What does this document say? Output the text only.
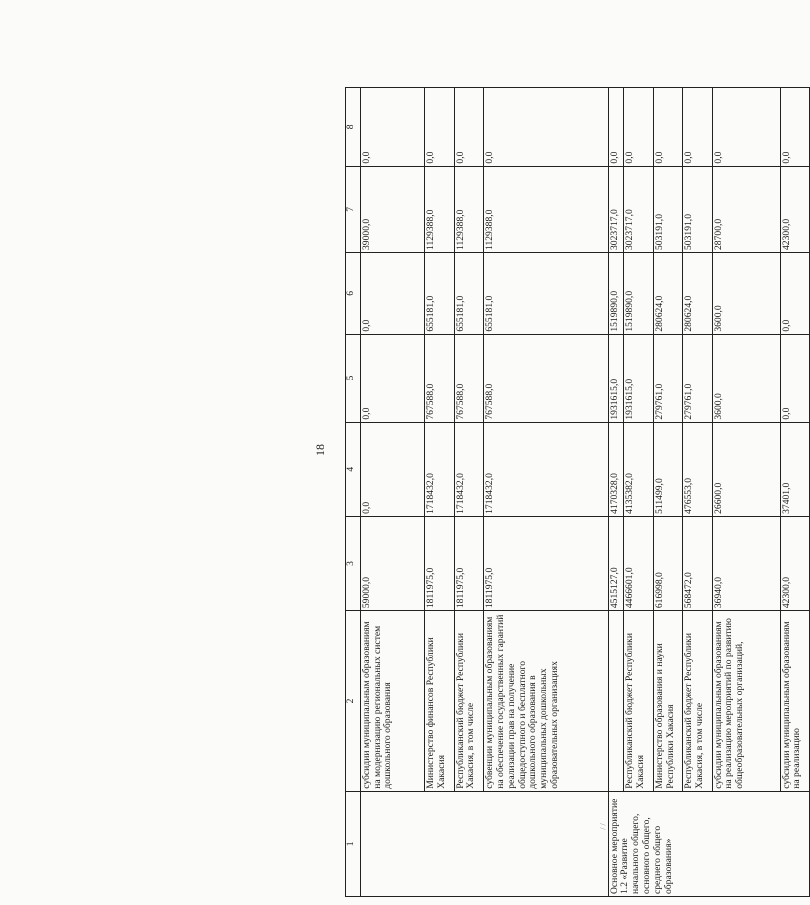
18
/ /
1	2	3	4	5	6	7	8
	субсидии муниципальным образованиям на модернизацию региональных систем дошкольного образования	59000,0	0,0	0,0	0,0	39000,0	0,0
	Министерство финансов Республики Хакасия	1811975,0	1718432,0	767588,0	655181,0	1129388,0	0,0
	Республиканский бюджет Республики Хакасия, в том числе	1811975,0	1718432,0	767588,0	655181,0	1129388,0	0,0
	субвенции муниципальным образованиям на обеспечение государственных гарантий реализации прав на получение общедоступного и бесплатного дошкольного образования в муниципальных дошкольных образовательных организациях	1811975,0	1718432,0	767588,0	655181,0	1129388,0	0,0
Основное мероприятие 1.2 «Развитие начального общего, основного общего, среднего общего образования»		4515127,0	4170328,0	1931615,0	1519890,0	3023717,0	0,0
	Республиканский бюджет Республики Хакасия	4466601,0	4135382,0	1931615,0	1519890,0	3023717,0	0,0
	Министерство образования и науки Республики Хакасия	616998,0	511499,0	279761,0	280624,0	503191,0	0,0
	Республиканский бюджет Республики Хакасия, в том числе	568472,0	476553,0	279761,0	280624,0	503191,0	0,0
	субсидии муниципальным образованиям на реализацию мероприятий по развитию общеобразовательных организаций,	36940,0	26600,0	3600,0	3600,0	28700,0	0,0
	субсидии муниципальным образованиям на реализацию	42300,0	37401,0	0,0	0,0	42300,0	0,0
